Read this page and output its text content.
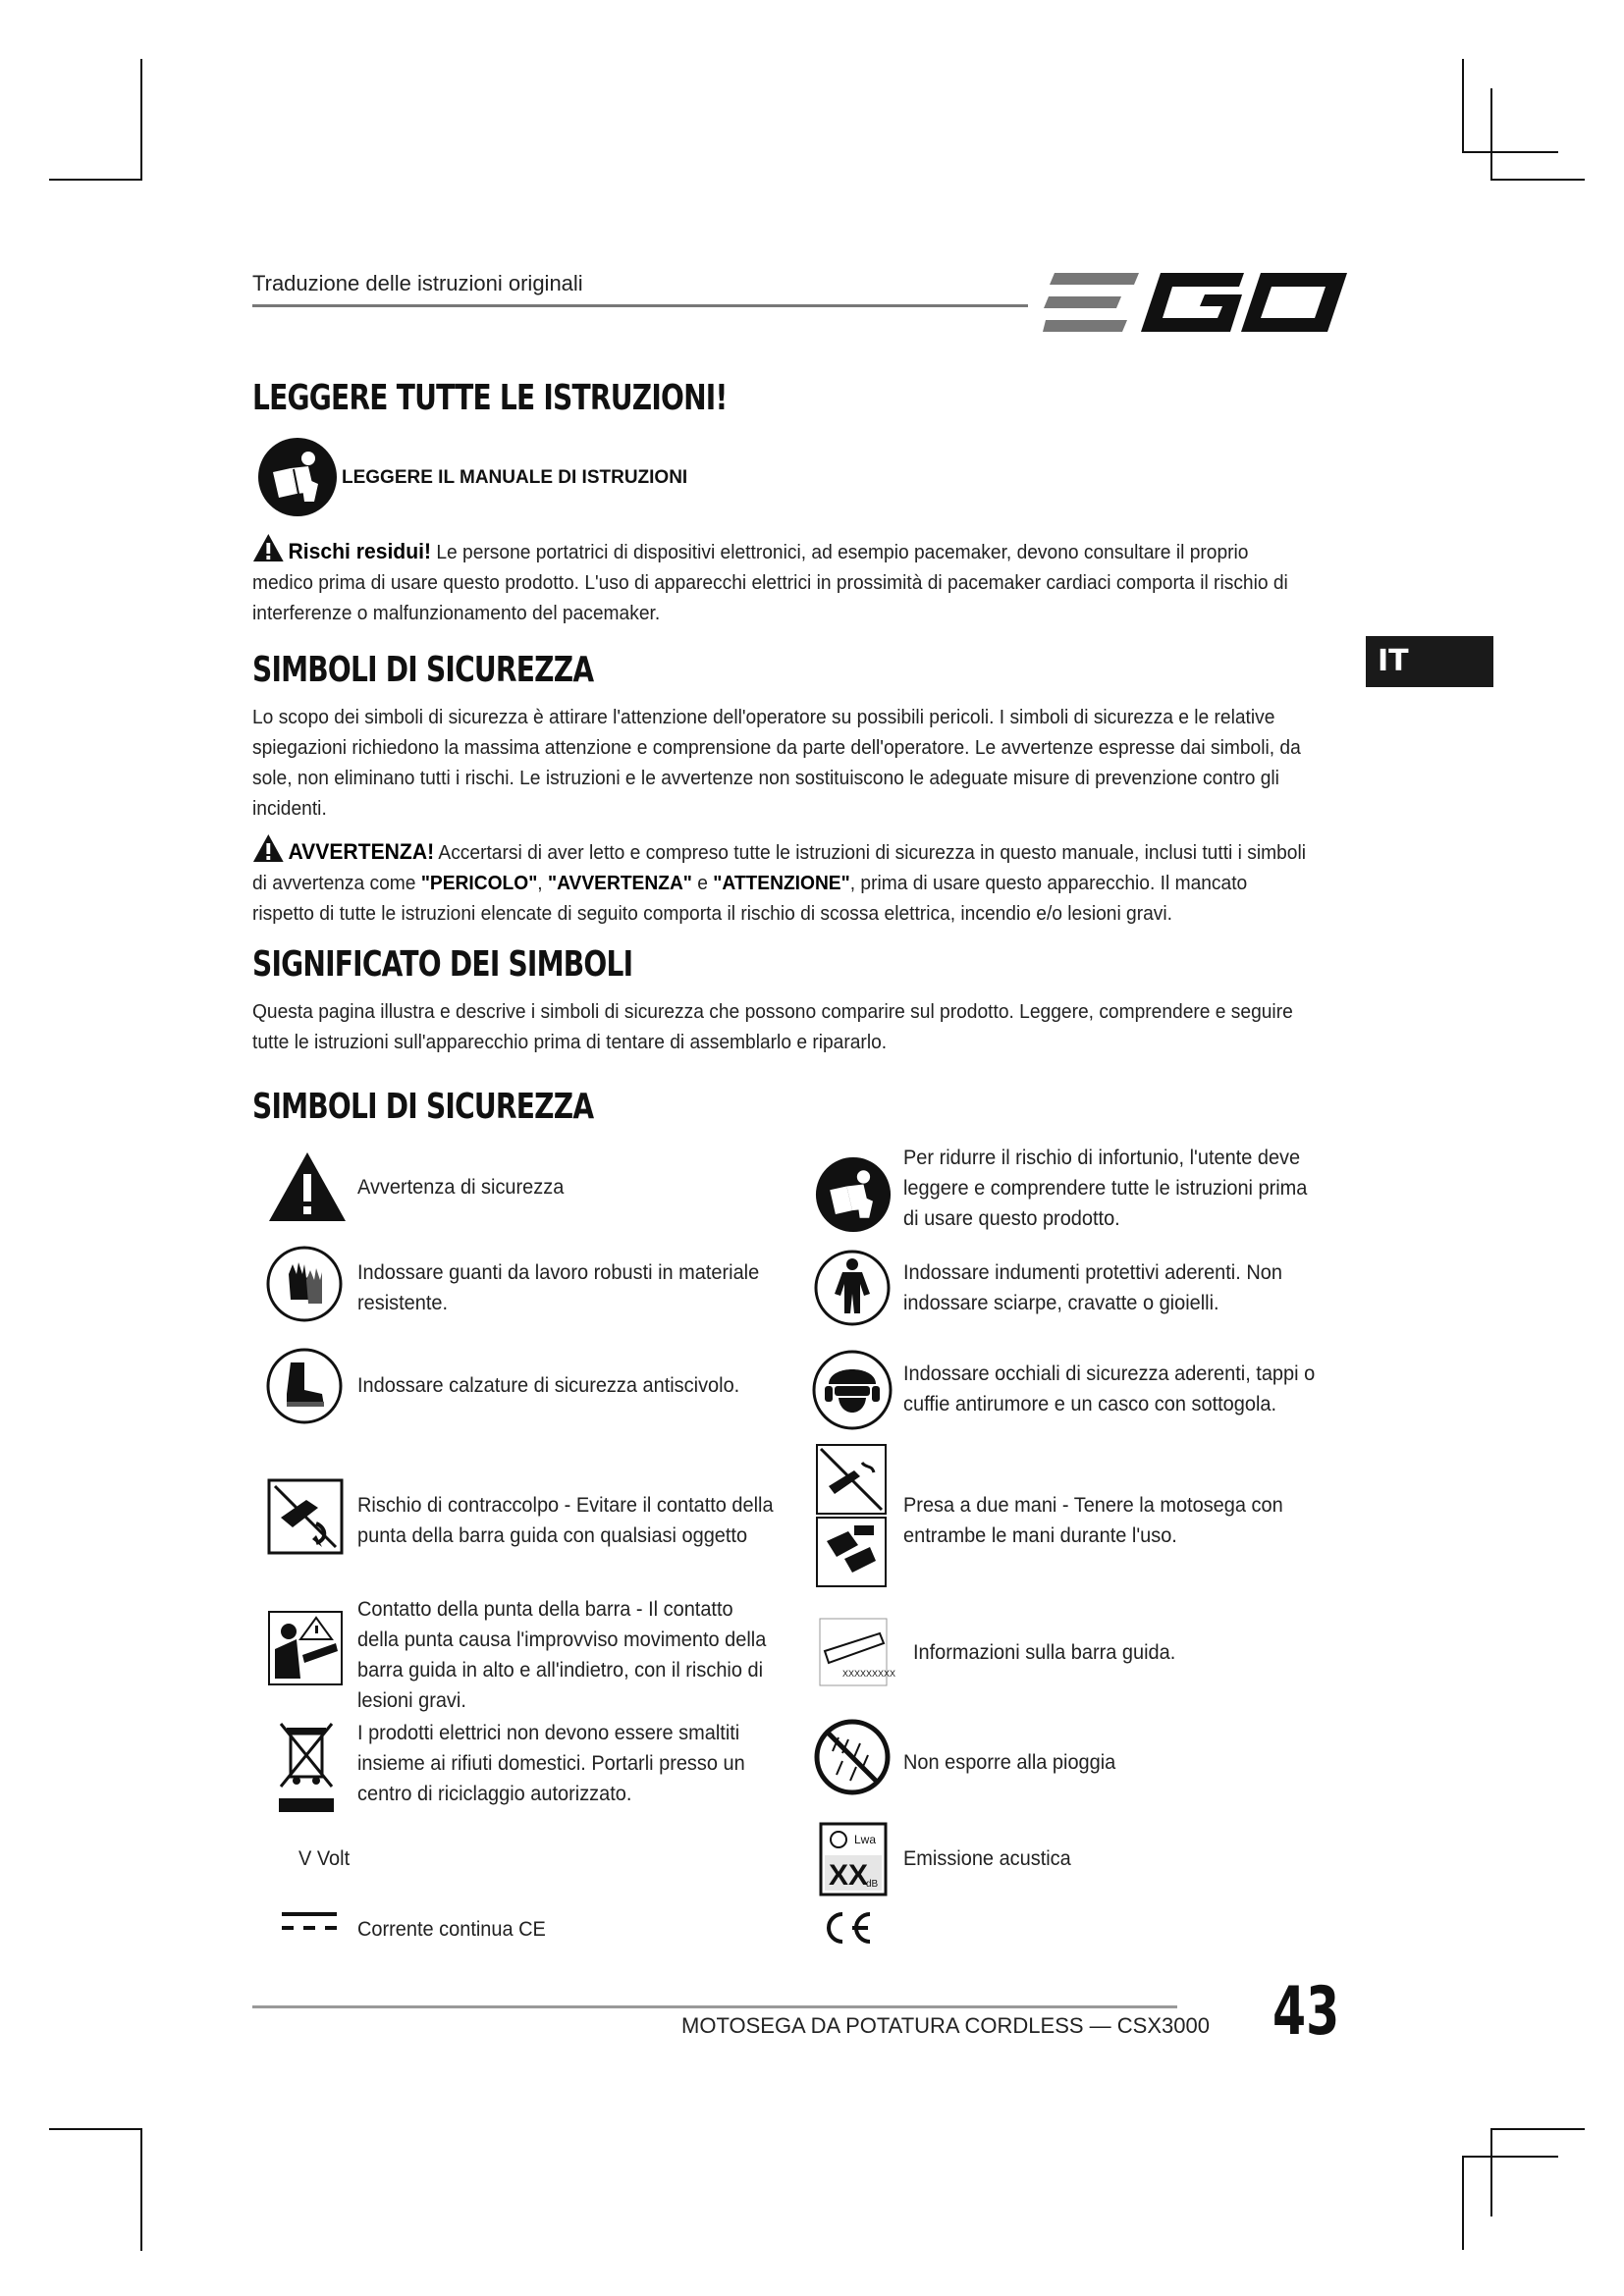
Traduzione delle istruzioni originali
IT
LEGGERE TUTTE LE ISTRUZIONI!
LEGGERE IL MANUALE DI ISTRUZIONI
Rischi residui! Le persone portatrici di dispositivi elettronici, ad esempio pacemaker, devono consultare il proprio medico prima di usare questo prodotto. L'uso di apparecchi elettrici in prossimità di pacemaker cardiaci comporta il rischio di interferenze o malfunzionamento del pacemaker.
SIMBOLI DI SICUREZZA
Lo scopo dei simboli di sicurezza è attirare l'attenzione dell'operatore su possibili pericoli. I simboli di sicurezza e le relative spiegazioni richiedono la massima attenzione e comprensione da parte dell'operatore. Le avvertenze espresse dai simboli, da sole, non eliminano tutti i rischi. Le istruzioni e le avvertenze non sostituiscono le adeguate misure di prevenzione contro gli incidenti.
AVVERTENZA! Accertarsi di aver letto e compreso tutte le istruzioni di sicurezza in questo manuale, inclusi tutti i simboli di avvertenza come "PERICOLO", "AVVERTENZA" e "ATTENZIONE", prima di usare questo apparecchio. Il mancato rispetto di tutte le istruzioni elencate di seguito comporta il rischio di scossa elettrica, incendio e/o lesioni gravi.
SIGNIFICATO DEI SIMBOLI
Questa pagina illustra e descrive i simboli di sicurezza che possono comparire sul prodotto. Leggere, comprendere e seguire tutte le istruzioni sull'apparecchio prima di tentare di assemblarlo e ripararlo.
SIMBOLI DI SICUREZZA
Avvertenza di sicurezza
Indossare guanti da lavoro robusti in materiale resistente.
Indossare calzature di sicurezza antiscivolo.
Rischio di contraccolpo - Evitare il contatto della punta della barra guida con qualsiasi oggetto
Contatto della punta della barra - Il contatto della punta causa l'improvviso movimento della barra guida in alto e all'indietro, con il rischio di lesioni gravi.
I prodotti elettrici non devono essere smaltiti insieme ai rifiuti domestici. Portarli presso un centro di riciclaggio autorizzato.
V Volt
Corrente continua CE
XXXXXXXXX
Lwa
XX
dB
Per ridurre il rischio di infortunio, l'utente deve leggere e comprendere tutte le istruzioni prima di usare questo prodotto.
Indossare indumenti protettivi aderenti. Non indossare sciarpe, cravatte o gioielli.
Indossare occhiali di sicurezza aderenti, tappi o cuffie antirumore e un casco con sottogola.
Presa a due mani - Tenere la motosega con entrambe le mani durante l'uso.
Informazioni sulla barra guida.
Non esporre alla pioggia
Emissione acustica
MOTOSEGA DA POTATURA CORDLESS — CSX3000 43
